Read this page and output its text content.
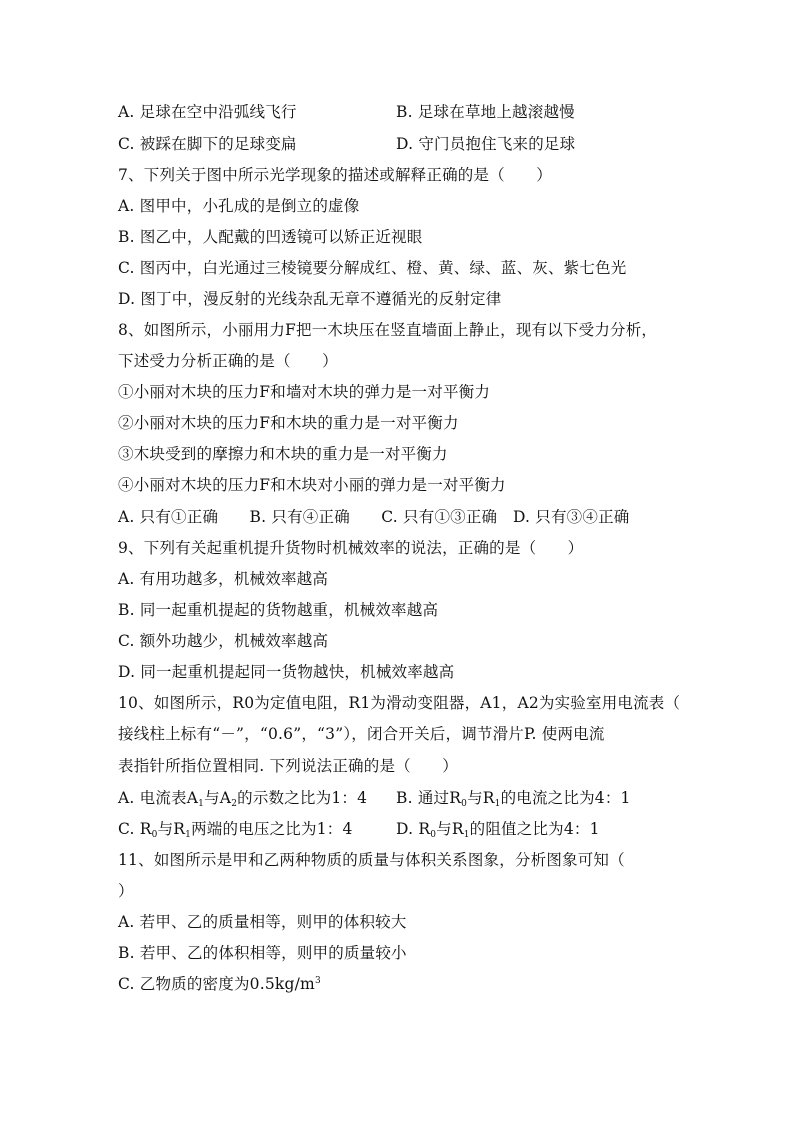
A. 足球在空中沿弧线飞行	B. 足球在草地上越滚越慢
C. 被踩在脚下的足球变扁	D. 守门员抱住飞来的足球
7、下列关于图中所示光学现象的描述或解释正确的是（　　）
A. 图甲中，小孔成的是倒立的虚像
B. 图乙中，人配戴的凹透镜可以矫正近视眼
C. 图丙中，白光通过三棱镜要分解成红、橙、黄、绿、蓝、灰、紫七色光
D. 图丁中，漫反射的光线杂乱无章不遵循光的反射定律
8、如图所示，小丽用力F把一木块压在竖直墙面上静止，现有以下受力分析，
下述受力分析正确的是（　　）
①小丽对木块的压力F和墙对木块的弹力是一对平衡力
②小丽对木块的压力F和木块的重力是一对平衡力
③木块受到的摩擦力和木块的重力是一对平衡力
④小丽对木块的压力F和木块对小丽的弹力是一对平衡力
A. 只有①正确　　B. 只有④正确　　C. 只有①③正确　D. 只有③④正确
9、下列有关起重机提升货物时机械效率的说法，正确的是（　　）
A. 有用功越多，机械效率越高
B. 同一起重机提起的货物越重，机械效率越高
C. 额外功越少，机械效率越高
D. 同一起重机提起同一货物越快，机械效率越高
10、如图所示，R0为定值电阻，R1为滑动变阻器，A1，A2为实验室用电流表（
接线柱上标有“－”，“0.6”，“3”），闭合开关后，调节滑片P. 使两电流
表指针所指位置相同. 下列说法正确的是（　　）
A. 电流表$A_1$与$A_2$的示数之比为1：4 B. 通过$R_0$与$R_1$的电流之比为4：1
C. $R_0$与$R_1$两端的电压之比为1：4	D. $R_0$与$R_1$的阻值之比为4：1
11、如图所示是甲和乙两种物质的质量与体积关系图象，分析图象可知（
）
A. 若甲、乙的质量相等，则甲的体积较大
B. 若甲、乙的体积相等，则甲的质量较小
C. 乙物质的密度为$0.5kg/m^3$
